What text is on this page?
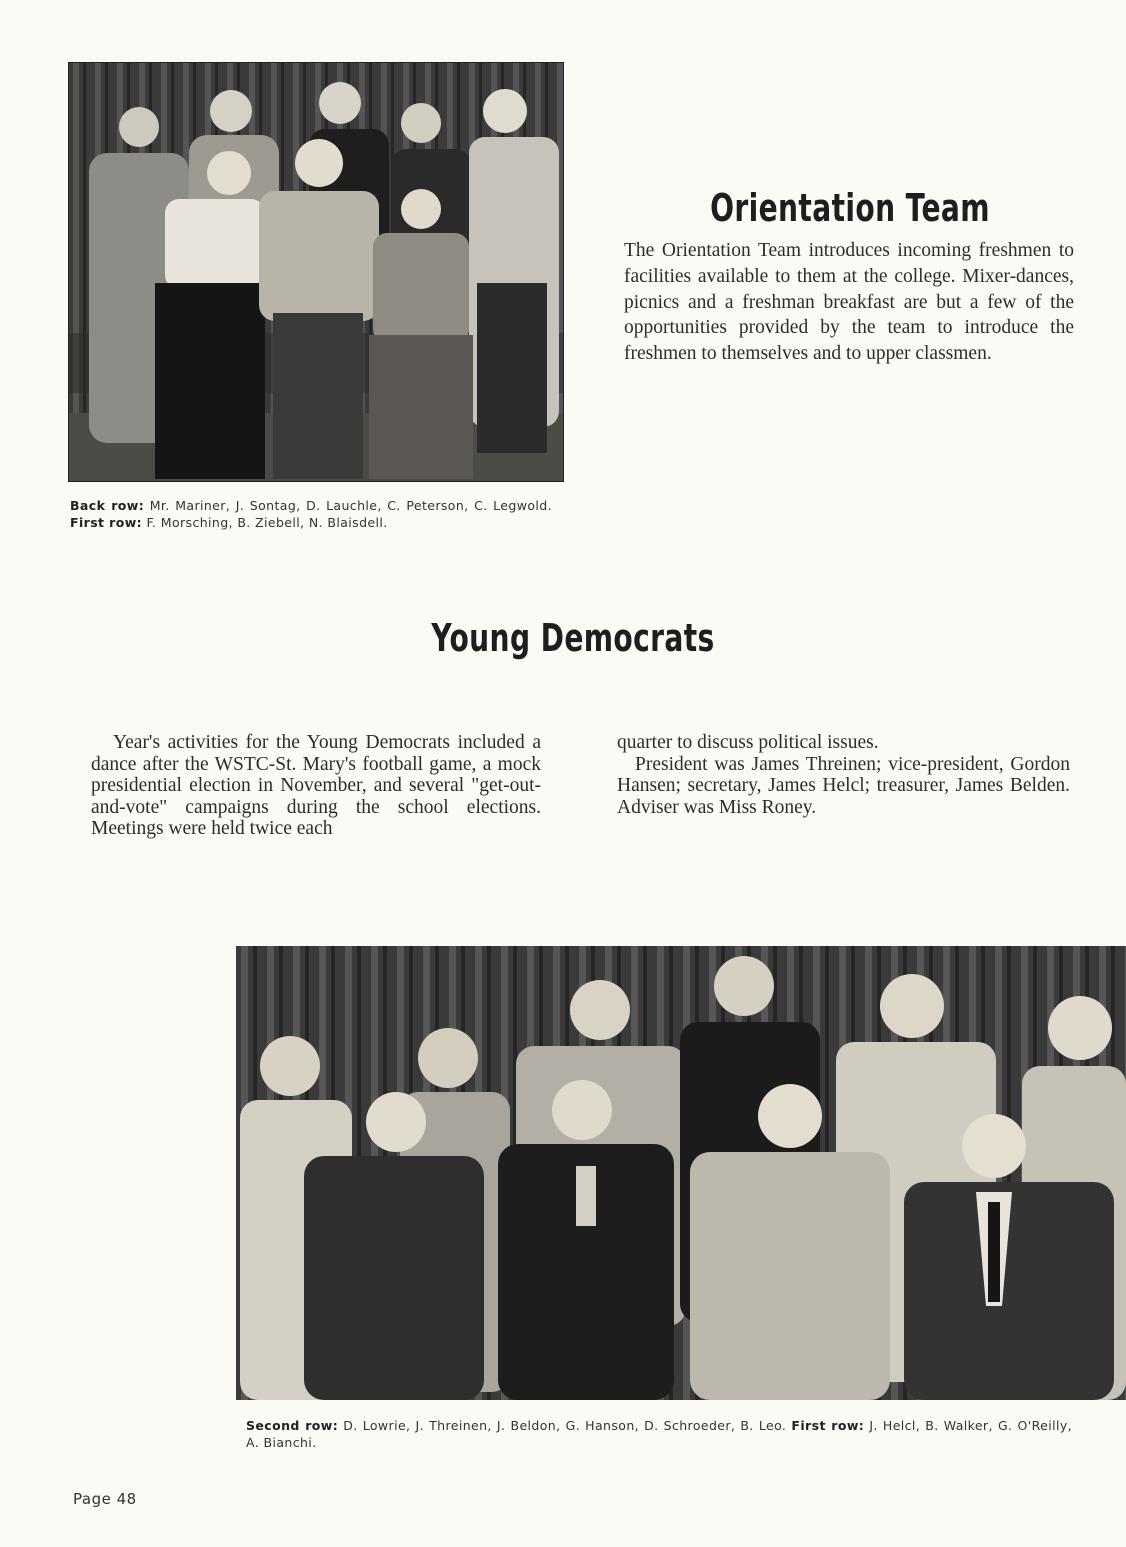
Orientation Team

The Orientation Team introduces incoming freshmen to facilities available to them at the college. Mixer-dances, picnics and a freshman breakfast are but a few of the opportunities provided by the team to introduce the freshmen to themselves and to upper classmen.

Back row: Mr. Mariner, J. Sontag, D. Lauchle, C. Peterson, C. Legwold. First row: F. Morsching, B. Ziebell, N. Blaisdell.
Young Democrats

Year's activities for the Young Democrats included a dance after the WSTC-St. Mary's football game, a mock presidential election in November, and several "get-out-and-vote" campaigns during the school elections. Meetings were held twice each

quarter to discuss political issues.
President was James Threinen; vice-president, Gordon Hansen; secretary, James Helcl; treasurer, James Belden. Adviser was Miss Roney.
Second row: D. Lowrie, J. Threinen, J. Beldon, G. Hanson, D. Schroeder, B. Leo. First row: J. Helcl, B. Walker, G. O'Reilly, A. Bianchi.
Page 48
